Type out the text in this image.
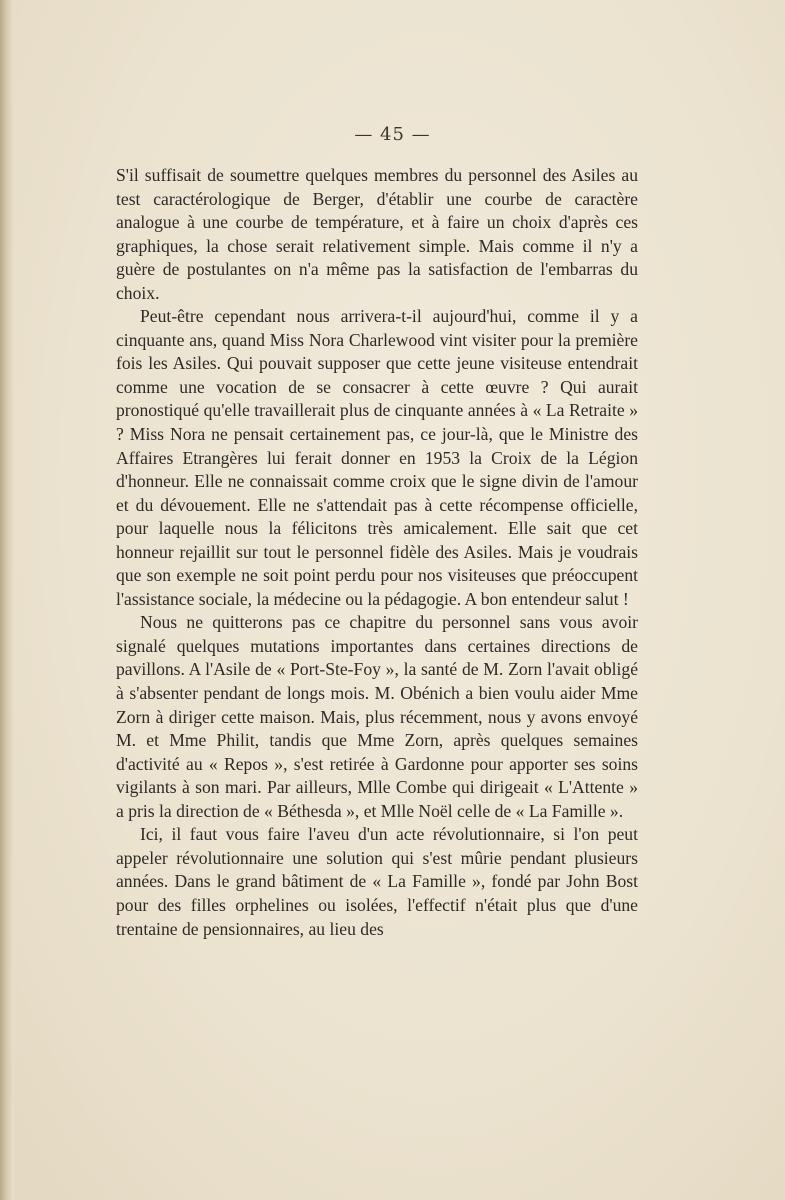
— 45 —

S'il suffisait de soumettre quelques membres du personnel des Asiles au test caractérologique de Berger, d'établir une courbe de caractère analogue à une courbe de température, et à faire un choix d'après ces graphiques, la chose serait relativement simple. Mais comme il n'y a guère de postulantes on n'a même pas la satisfaction de l'embarras du choix.

Peut-être cependant nous arrivera-t-il aujourd'hui, comme il y a cinquante ans, quand Miss Nora Charlewood vint visiter pour la première fois les Asiles. Qui pouvait supposer que cette jeune visiteuse entendrait comme une vocation de se consacrer à cette œuvre ? Qui aurait pronostiqué qu'elle travaillerait plus de cinquante années à « La Retraite » ? Miss Nora ne pensait certainement pas, ce jour-là, que le Ministre des Affaires Etrangères lui ferait donner en 1953 la Croix de la Légion d'honneur. Elle ne connaissait comme croix que le signe divin de l'amour et du dévouement. Elle ne s'attendait pas à cette récompense officielle, pour laquelle nous la félicitons très amicalement. Elle sait que cet honneur rejaillit sur tout le personnel fidèle des Asiles. Mais je voudrais que son exemple ne soit point perdu pour nos visiteuses que préoccupent l'assistance sociale, la médecine ou la pédagogie. A bon entendeur salut !

Nous ne quitterons pas ce chapitre du personnel sans vous avoir signalé quelques mutations importantes dans certaines directions de pavillons. A l'Asile de « Port-Ste-Foy », la santé de M. Zorn l'avait obligé à s'absenter pendant de longs mois. M. Obénich a bien voulu aider Mme Zorn à diriger cette maison. Mais, plus récemment, nous y avons envoyé M. et Mme Philit, tandis que Mme Zorn, après quelques semaines d'activité au « Repos », s'est retirée à Gardonne pour apporter ses soins vigilants à son mari. Par ailleurs, Mlle Combe qui dirigeait « L'Attente » a pris la direction de « Béthesda », et Mlle Noël celle de « La Famille ».

Ici, il faut vous faire l'aveu d'un acte révolutionnaire, si l'on peut appeler révolutionnaire une solution qui s'est mûrie pendant plusieurs années. Dans le grand bâtiment de « La Famille », fondé par John Bost pour des filles orphelines ou isolées, l'effectif n'était plus que d'une trentaine de pensionnaires, au lieu des
